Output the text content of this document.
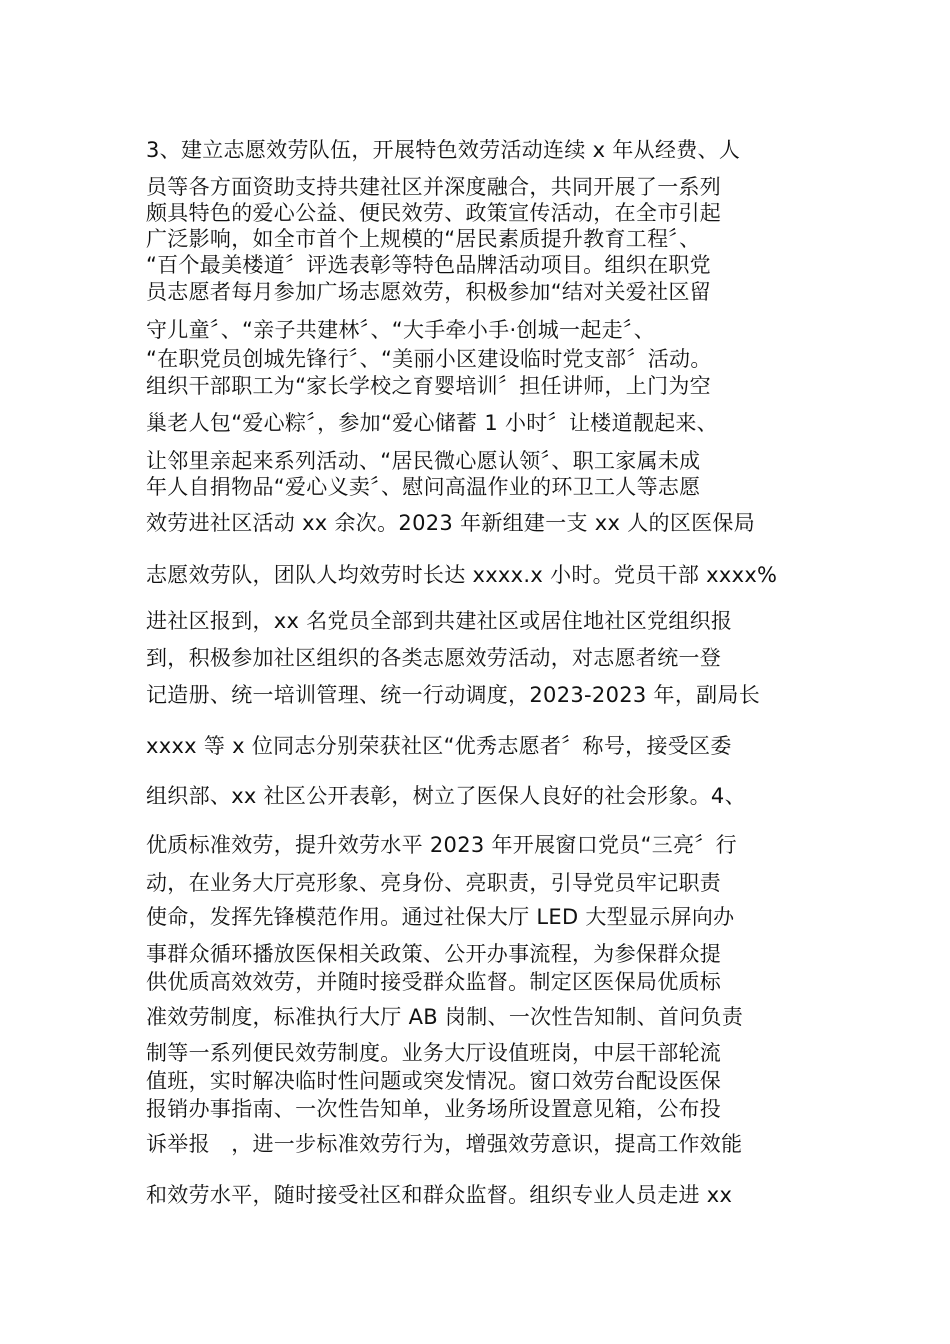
3、建立志愿效劳队伍，开展特色效劳活动连续 x 年从经费、人
员等各方面资助支持共建社区并深度融合，共同开展了一系列
颇具特色的爱心公益、便民效劳、政策宣传活动，在全市引起
广泛影响，如全市首个上规模的“居民素质提升教育工程〞、
“百个最美楼道〞评选表彰等特色品牌活动项目。组织在职党
员志愿者每月参加广场志愿效劳，积极参加“结对关爱社区留
守儿童〞、“亲子共建林〞、“大手牵小手·创城一起走〞、
“在职党员创城先锋行〞、“美丽小区建设临时党支部〞活动。
组织干部职工为“家长学校之育婴培训〞担任讲师，上门为空
巢老人包“爱心粽〞，参加“爱心储蓄 1 小时〞让楼道靓起来、
让邻里亲起来系列活动、“居民微心愿认领〞、职工家属未成
年人自捐物品“爱心义卖〞、慰问高温作业的环卫工人等志愿
效劳进社区活动 xx 余次。2023 年新组建一支 xx 人的区医保局
志愿效劳队，团队人均效劳时长达 xxxx.x 小时。党员干部 xxxx%
进社区报到，xx 名党员全部到共建社区或居住地社区党组织报
到，积极参加社区组织的各类志愿效劳活动，对志愿者统一登
记造册、统一培训管理、统一行动调度，2023-2023 年，副局长
xxxx 等 x 位同志分别荣获社区“优秀志愿者〞称号，接受区委
组织部、xx 社区公开表彰，树立了医保人良好的社会形象。4、
优质标准效劳，提升效劳水平 2023 年开展窗口党员“三亮〞行
动，在业务大厅亮形象、亮身份、亮职责，引导党员牢记职责
使命，发挥先锋模范作用。通过社保大厅 LED 大型显示屏向办
事群众循环播放医保相关政策、公开办事流程，为参保群众提
供优质高效效劳，并随时接受群众监督。制定区医保局优质标
准效劳制度，标准执行大厅 AB 岗制、一次性告知制、首问负责
制等一系列便民效劳制度。业务大厅设值班岗，中层干部轮流
值班，实时解决临时性问题或突发情况。窗口效劳台配设医保
报销办事指南、一次性告知单，业务场所设置意见箱，公布投
诉举报　，进一步标准效劳行为，增强效劳意识，提高工作效能
和效劳水平，随时接受社区和群众监督。组织专业人员走进 xx
